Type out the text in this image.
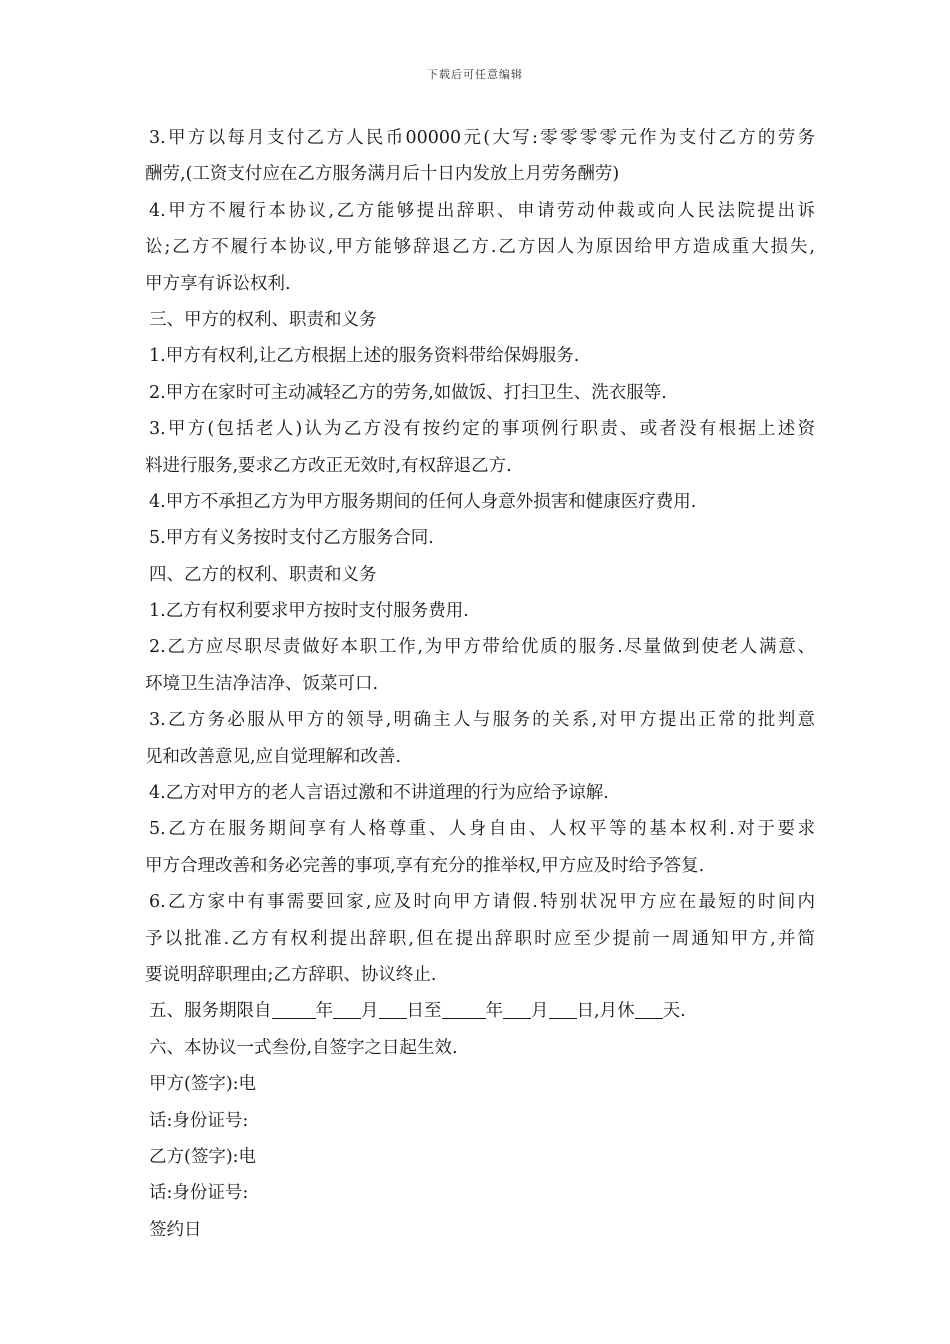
下载后可任意编辑
3.甲方以每月支付乙方人民币00000元(大写:零零零零元作为支付乙方的劳务
酬劳,(工资支付应在乙方服务满月后十日内发放上月劳务酬劳)
4.甲方不履行本协议,乙方能够提出辞职、申请劳动仲裁或向人民法院提出诉
讼;乙方不履行本协议,甲方能够辞退乙方.乙方因人为原因给甲方造成重大损失,
甲方享有诉讼权利.
三、甲方的权利、职责和义务
1.甲方有权利,让乙方根据上述的服务资料带给保姆服务.
2.甲方在家时可主动减轻乙方的劳务,如做饭、打扫卫生、洗衣服等.
3.甲方(包括老人)认为乙方没有按约定的事项例行职责、或者没有根据上述资
料进行服务,要求乙方改正无效时,有权辞退乙方.
4.甲方不承担乙方为甲方服务期间的任何人身意外损害和健康医疗费用.
5.甲方有义务按时支付乙方服务合同.
四、乙方的权利、职责和义务
1.乙方有权利要求甲方按时支付服务费用.
2.乙方应尽职尽责做好本职工作,为甲方带给优质的服务.尽量做到使老人满意、
环境卫生洁净洁净、饭菜可口.
3.乙方务必服从甲方的领导,明确主人与服务的关系,对甲方提出正常的批判意
见和改善意见,应自觉理解和改善.
4.乙方对甲方的老人言语过激和不讲道理的行为应给予谅解.
5.乙方在服务期间享有人格尊重、人身自由、人权平等的基本权利.对于要求
甲方合理改善和务必完善的事项,享有充分的推举权,甲方应及时给予答复.
6.乙方家中有事需要回家,应及时向甲方请假.特别状况甲方应在最短的时间内
予以批准.乙方有权利提出辞职,但在提出辞职时应至少提前一周通知甲方,并简
要说明辞职理由;乙方辞职、协议终止.
五、服务期限自	年 月 日至	年 月 日,月休 天.
六、本协议一式叁份,自签字之日起生效.
甲方(签字):电
话:身份证号:
乙方(签字):电
话:身份证号:
签约日
